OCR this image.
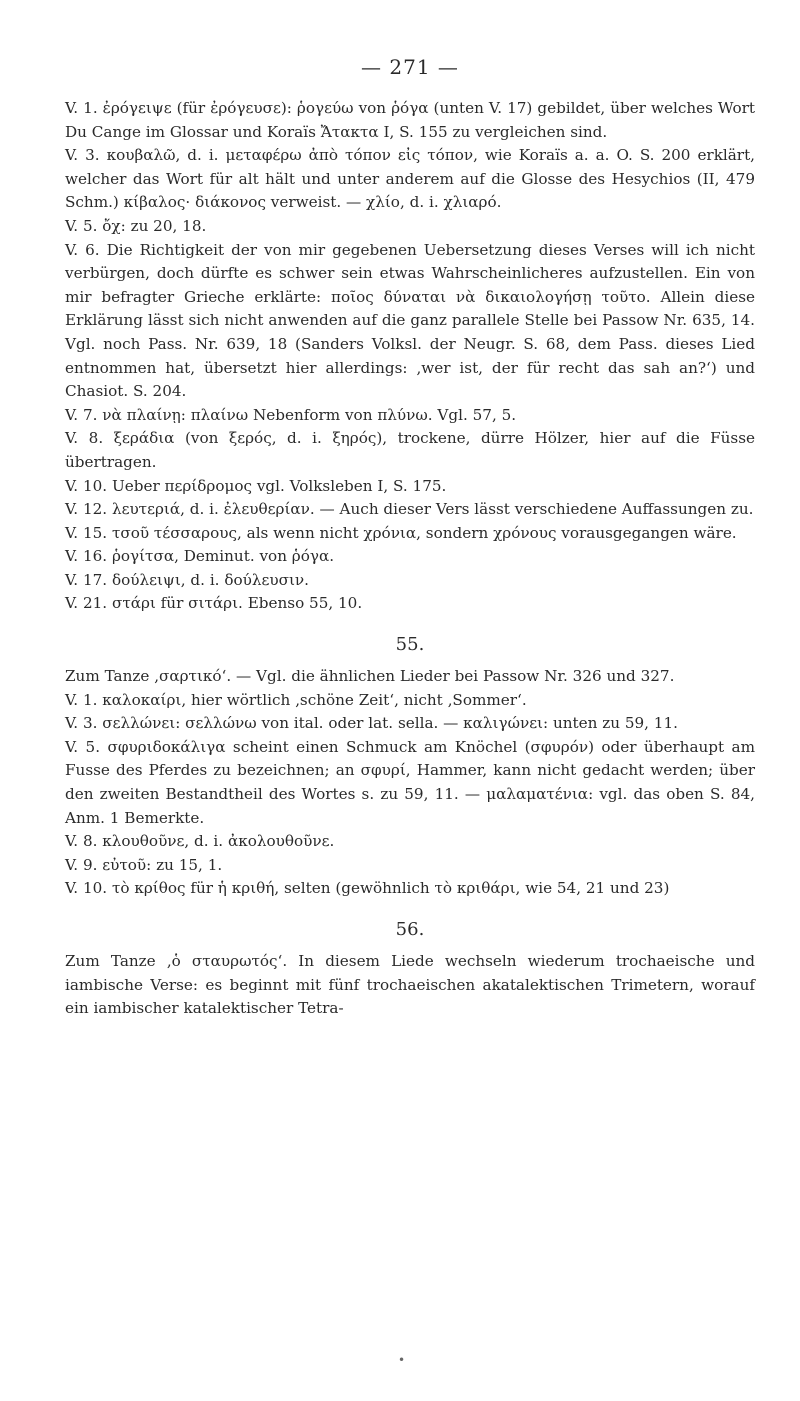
— 271 —

V. 1. ἐρόγειψε (für ἐρόγευσε): ῥογεύω von ῥόγα (unten V. 17) gebildet, über welches Wort Du Cange im Glossar und Koraïs Ἄτακτα I, S. 155 zu vergleichen sind.

V. 3. κουβαλῶ, d. i. μεταφέρω ἀπὸ τόπον εἰς τόπον, wie Koraïs a. a. O. S. 200 erklärt, welcher das Wort für alt hält und unter anderem auf die Glosse des Hesychios (II, 479 Schm.) κίβαλος· διάκονος verweist. — χλίο, d. i. χλιαρό.

V. 5. ὄχ: zu 20, 18.

V. 6. Die Richtigkeit der von mir gegebenen Uebersetzung dieses Verses will ich nicht verbürgen, doch dürfte es schwer sein etwas Wahrscheinlicheres aufzustellen. Ein von mir befragter Grieche erklärte: ποῖος δύναται νὰ δικαιολογήσῃ τοῦτο. Allein diese Erklärung lässt sich nicht anwenden auf die ganz parallele Stelle bei Passow Nr. 635, 14. Vgl. noch Pass. Nr. 639, 18 (Sanders Volksl. der Neugr. S. 68, dem Pass. dieses Lied entnommen hat, übersetzt hier allerdings: ‚wer ist, der für recht das sah an?‘) und Chasiot. S. 204.

V. 7. νὰ πλαίνῃ: πλαίνω Nebenform von πλύνω. Vgl. 57, 5.

V. 8. ξεράδια (von ξερός, d. i. ξηρός), trockene, dürre Hölzer, hier auf die Füsse übertragen.

V. 10. Ueber περίδρομος vgl. Volksleben I, S. 175.

V. 12. λευτεριά, d. i. ἐλευθερίαν. — Auch dieser Vers lässt verschiedene Auffassungen zu.

V. 15. τσοῦ τέσσαρους, als wenn nicht χρόνια, sondern χρόνους vorausgegangen wäre.

V. 16. ῥογίτσα, Deminut. von ῥόγα.

V. 17. δούλειψι, d. i. δούλευσιν.

V. 21. στάρι für σιτάρι. Ebenso 55, 10.

55.

Zum Tanze ‚σαρτικό‘. — Vgl. die ähnlichen Lieder bei Passow Nr. 326 und 327.

V. 1. καλοκαίρι, hier wörtlich ‚schöne Zeit‘, nicht ‚Sommer‘.

V. 3. σελλώνει: σελλώνω von ital. oder lat. sella. — καλιγώνει: unten zu 59, 11.

V. 5. σφυριδοκάλιγα scheint einen Schmuck am Knöchel (σφυρόν) oder überhaupt am Fusse des Pferdes zu bezeichnen; an σφυρί, Hammer, kann nicht gedacht werden; über den zweiten Bestandtheil des Wortes s. zu 59, 11. — μαλαματένια: vgl. das oben S. 84, Anm. 1 Bemerkte.

V. 8. κλουθοῦνε, d. i. ἀκολουθοῦνε.

V. 9. εὐτοῦ: zu 15, 1.

V. 10. τὸ κρίθος für ἡ κριθή, selten (gewöhnlich τὸ κριθάρι, wie 54, 21 und 23)

56.

Zum Tanze ‚ὁ σταυρωτός‘. In diesem Liede wechseln wiederum trochaeische und iambische Verse: es beginnt mit fünf trochaeischen akatalektischen Trimetern, worauf ein iambischer katalektischer Tetra-

•
